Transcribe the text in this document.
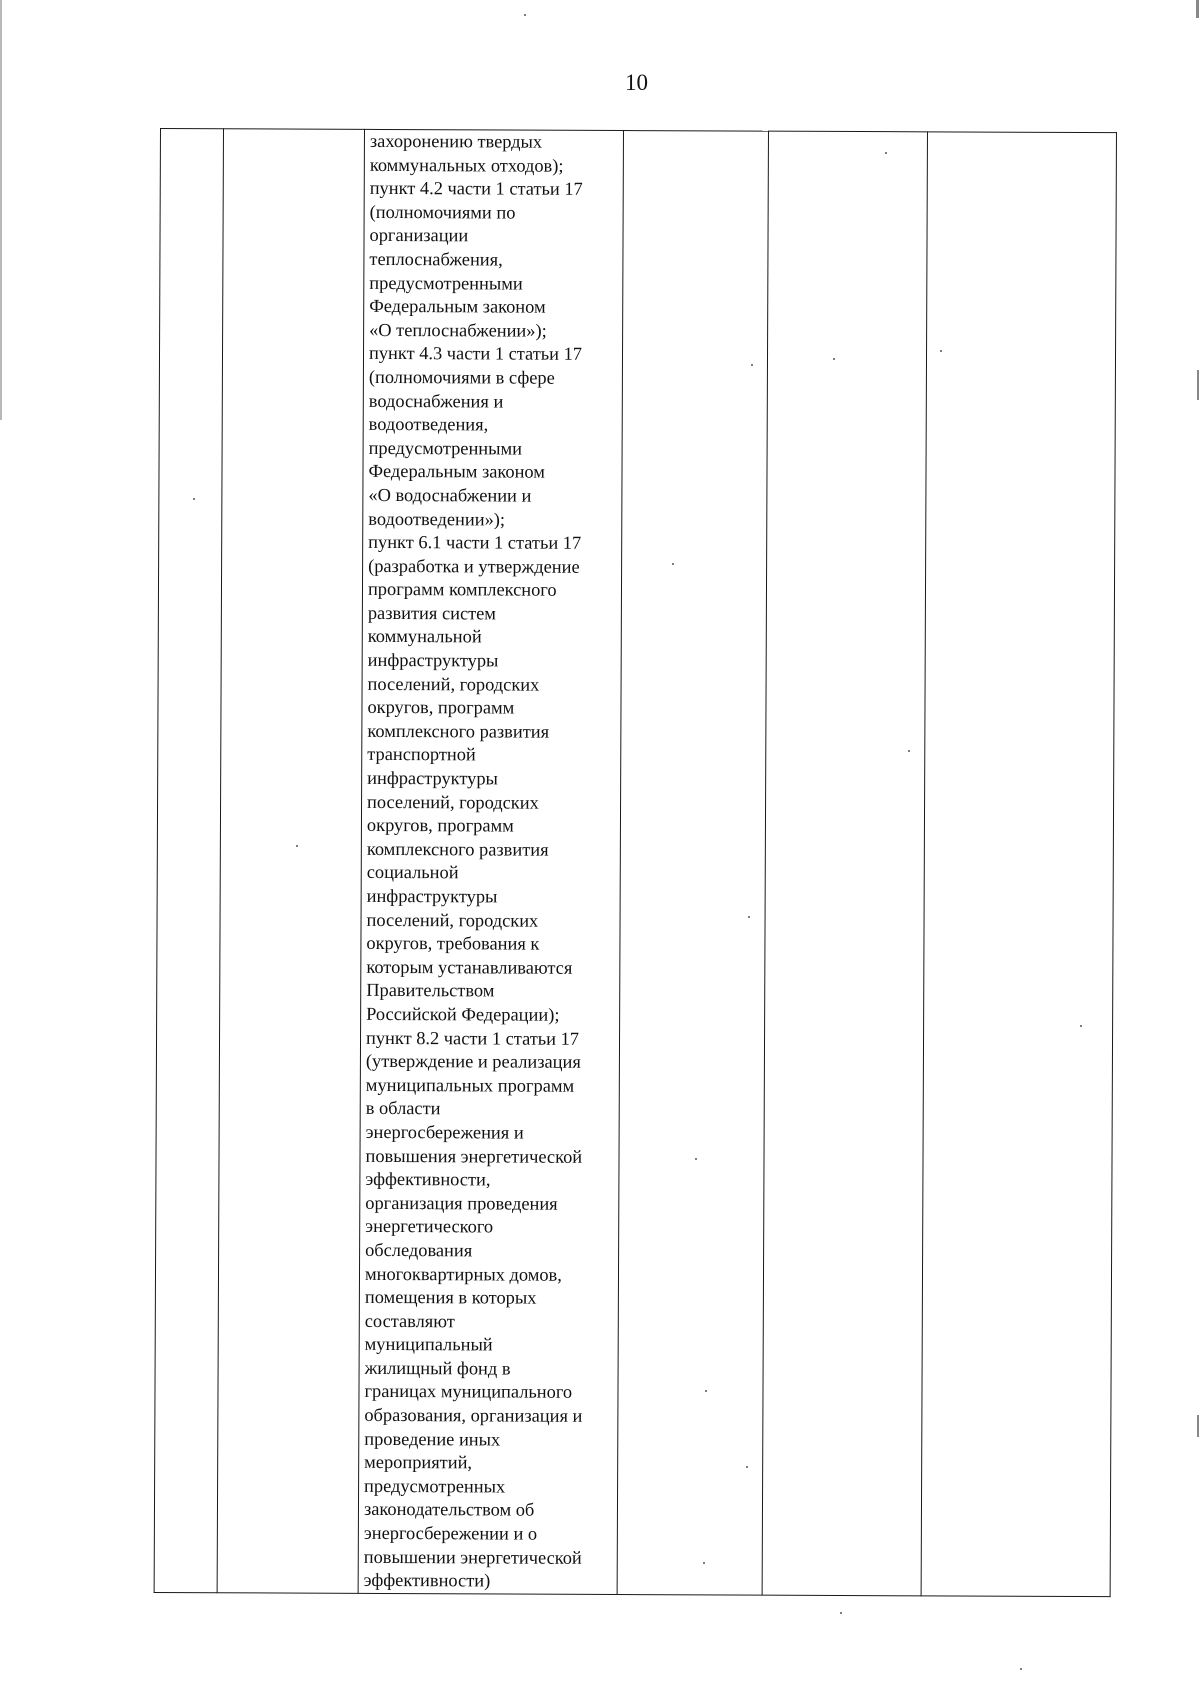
10

захоронению твердых
коммунальных отходов);
пункт 4.2 части 1 статьи 17
(полномочиями по
организации
теплоснабжения,
предусмотренными
Федеральным законом
«О теплоснабжении»);
пункт 4.3 части 1 статьи 17
(полномочиями в сфере
водоснабжения и
водоотведения,
предусмотренными
Федеральным законом
«О водоснабжении и
водоотведении»);
пункт 6.1 части 1 статьи 17
(разработка и утверждение
программ комплексного
развития систем
коммунальной
инфраструктуры
поселений, городских
округов, программ
комплексного развития
транспортной
инфраструктуры
поселений, городских
округов, программ
комплексного развития
социальной
инфраструктуры
поселений, городских
округов, требования к
которым устанавливаются
Правительством
Российской Федерации);
пункт 8.2 части 1 статьи 17
(утверждение и реализация
муниципальных программ
в области
энергосбережения и
повышения энергетической
эффективности,
организация проведения
энергетического
обследования
многоквартирных домов,
помещения в которых
составляют
муниципальный
жилищный фонд в
границах муниципального
образования, организация и
проведение иных
мероприятий,
предусмотренных
законодательством об
энергосбережении и о
повышении энергетической
эффективности)
